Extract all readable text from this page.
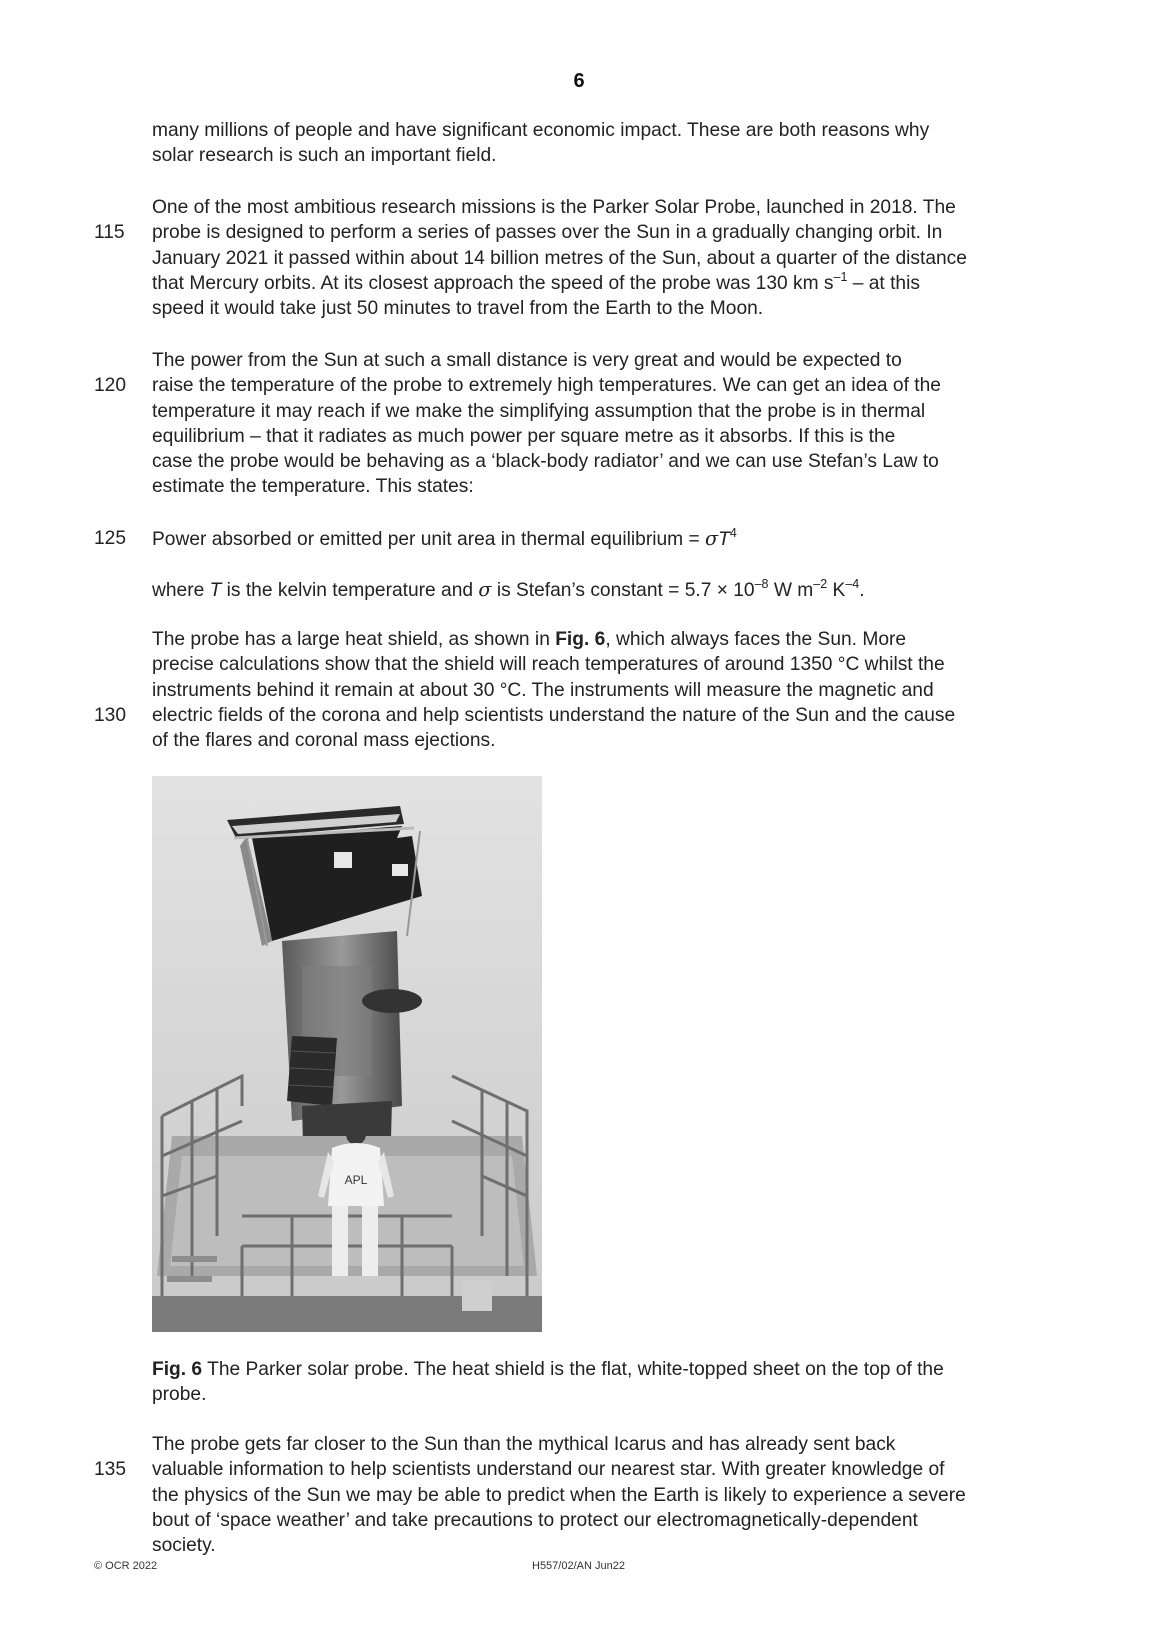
6

many millions of people and have significant economic impact. These are both reasons why
solar research is such an important field.

One of the most ambitious research missions is the Parker Solar Probe, launched in 2018. The
probe is designed to perform a series of passes over the Sun in a gradually changing orbit. In
January 2021 it passed within about 14 billion metres of the Sun, about a quarter of the distance
that Mercury orbits. At its closest approach the speed of the probe was 130 km $s^{-1}$ – at this
speed it would take just 50 minutes to travel from the Earth to the Moon.

115

The power from the Sun at such a small distance is very great and would be expected to
raise the temperature of the probe to extremely high temperatures. We can get an idea of the
temperature it may reach if we make the simplifying assumption that the probe is in thermal
equilibrium – that it radiates as much power per square metre as it absorbs. If this is the
case the probe would be behaving as a ‘black-body radiator’ and we can use Stefan’s Law to
estimate the temperature. This states:

120

Power absorbed or emitted per unit area in thermal equilibrium = $\sigma T^4$

125

where T is the kelvin temperature and σ is Stefan’s constant = $5.7 \times 10^{-8}$ W $m^{-2}$ $K^{-4}$.

The probe has a large heat shield, as shown in Fig. 6, which always faces the Sun. More
precise calculations show that the shield will reach temperatures of around 1350 °C whilst the
instruments behind it remain at about 30 °C. The instruments will measure the magnetic and
electric fields of the corona and help scientists understand the nature of the Sun and the cause
of the flares and coronal mass ejections.

130
APL

Fig. 6 The Parker solar probe. The heat shield is the flat, white-topped sheet on the top of the
probe.

The probe gets far closer to the Sun than the mythical Icarus and has already sent back
valuable information to help scientists understand our nearest star. With greater knowledge of
the physics of the Sun we may be able to predict when the Earth is likely to experience a severe
bout of ‘space weather’ and take precautions to protect our electromagnetically-dependent
society.

135
© OCR 2022	H557/02/AN Jun22
